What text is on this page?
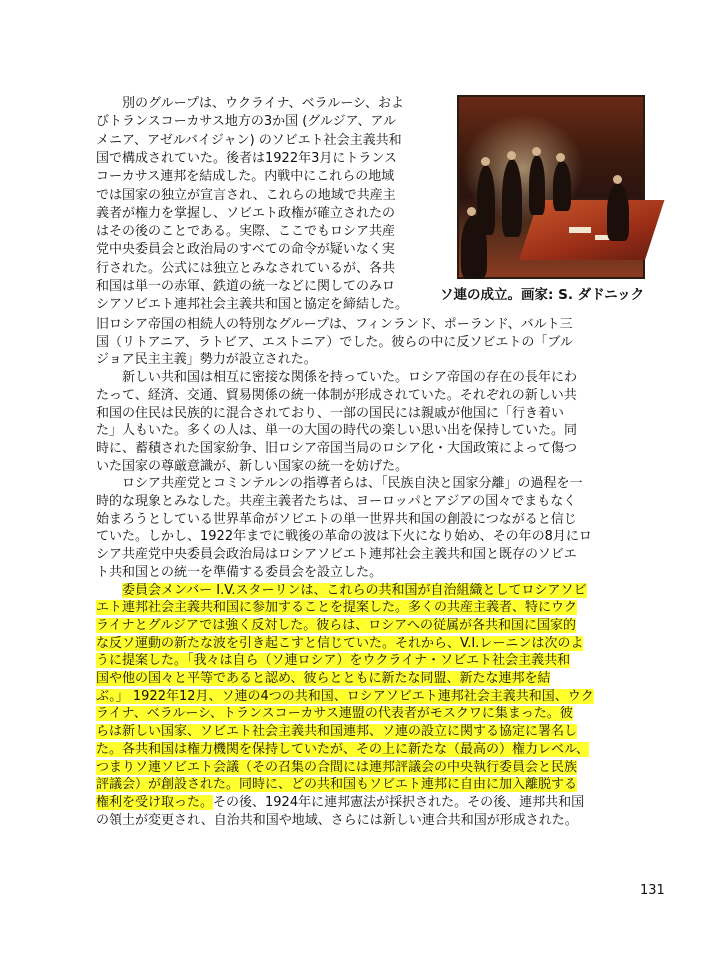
　　別のグループは、ウクライナ、ベラルーシ、およ
びトランスコーカサス地方の3か国 (グルジア、アル
メニア、アゼルバイジャン) のソビエト社会主義共和
国で構成されていた。後者は1922年3月にトランス
コーカサス連邦を結成した。内戦中にこれらの地域
では国家の独立が宣言され、これらの地域で共産主
義者が権力を掌握し、ソビエト政権が確立されたの
はその後のことである。実際、ここでもロシア共産
党中央委員会と政治局のすべての命令が疑いなく実
行された。公式には独立とみなされているが、各共
和国は単一の赤軍、鉄道の統一などに関してのみロ
シアソビエト連邦社会主義共和国と協定を締結した。
ソ連の成立。画家: S. ダドニック
旧ロシア帝国の相続人の特別なグループは、フィンランド、ポーランド、バルト三
国（リトアニア、ラトビア、エストニア）でした。彼らの中に反ソビエトの「ブル
ジョア民主主義」勢力が設立された。
　　新しい共和国は相互に密接な関係を持っていた。ロシア帝国の存在の長年にわ
たって、経済、交通、貿易関係の統一体制が形成されていた。それぞれの新しい共
和国の住民は民族的に混合されており、一部の国民には親戚が他国に「行き着い
た」人もいた。多くの人は、単一の大国の時代の楽しい思い出を保持していた。同
時に、蓄積された国家紛争、旧ロシア帝国当局のロシア化・大国政策によって傷つ
いた国家の尊厳意識が、新しい国家の統一を妨げた。
　　ロシア共産党とコミンテルンの指導者らは、「民族自決と国家分離」の過程を一
時的な現象とみなした。共産主義者たちは、ヨーロッパとアジアの国々でまもなく
始まろうとしている世界革命がソビエトの単一世界共和国の創設につながると信じ
ていた。しかし、1922年までに戦後の革命の波は下火になり始め、その年の8月にロ
シア共産党中央委員会政治局はロシアソビエト連邦社会主義共和国と既存のソビエ
ト共和国との統一を準備する委員会を設立した。
　　委員会メンバー I.V.スターリンは、これらの共和国が自治組織としてロシアソビ
エト連邦社会主義共和国に参加することを提案した。多くの共産主義者、特にウク
ライナとグルジアでは強く反対した。彼らは、ロシアへの従属が各共和国に国家的
な反ソ運動の新たな波を引き起こすと信じていた。それから、V.I.レーニンは次のよ
うに提案した。「我々は自ら（ソ連ロシア）をウクライナ・ソビエト社会主義共和
国や他の国々と平等であると認め、彼らとともに新たな同盟、新たな連邦を結
ぶ。」 1922年12月、ソ連の4つの共和国、ロシアソビエト連邦社会主義共和国、ウク
ライナ、ベラルーシ、トランスコーカサス連盟の代表者がモスクワに集まった。彼
らは新しい国家、ソビエト社会主義共和国連邦、ソ連の設立に関する協定に署名し
た。各共和国は権力機関を保持していたが、その上に新たな（最高の）権力レベル、
つまりソ連ソビエト会議（その召集の合間には連邦評議会の中央執行委員会と民族
評議会）が創設された。同時に、どの共和国もソビエト連邦に自由に加入離脱する
権利を受け取った。その後、1924年に連邦憲法が採択された。その後、連邦共和国
の領土が変更され、自治共和国や地域、さらには新しい連合共和国が形成された。
131
